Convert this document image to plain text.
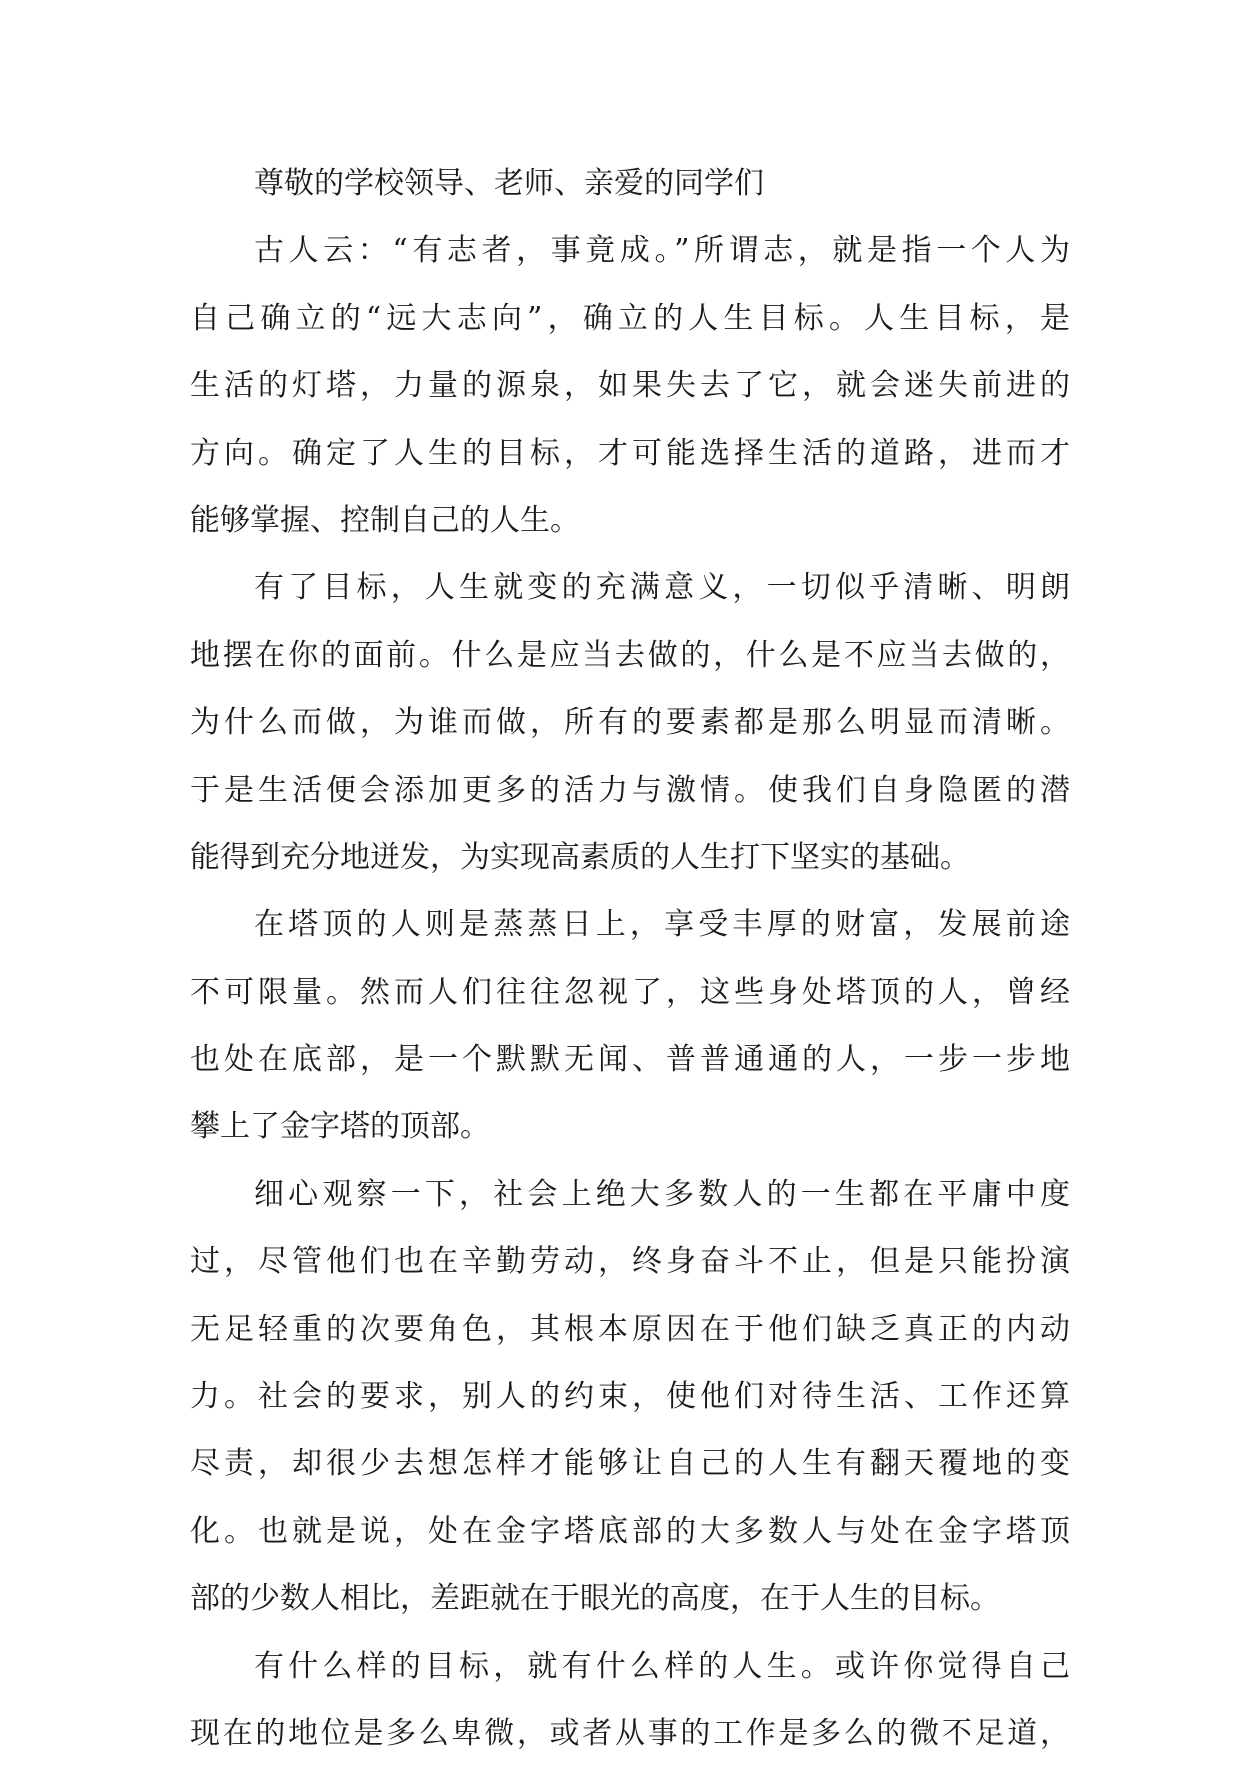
尊敬的学校领导、老师、亲爱的同学们
古人云：“有志者，事竟成。”所谓志，就是指一个人为
自己确立的“远大志向”，确立的人生目标。人生目标，是
生活的灯塔，力量的源泉，如果失去了它，就会迷失前进的
方向。确定了人生的目标，才可能选择生活的道路，进而才
能够掌握、控制自己的人生。
有了目标，人生就变的充满意义，一切似乎清晰、明朗
地摆在你的面前。什么是应当去做的，什么是不应当去做的，
为什么而做，为谁而做，所有的要素都是那么明显而清晰。
于是生活便会添加更多的活力与激情。使我们自身隐匿的潜
能得到充分地迸发，为实现高素质的人生打下坚实的基础。
在塔顶的人则是蒸蒸日上，享受丰厚的财富，发展前途
不可限量。然而人们往往忽视了，这些身处塔顶的人，曾经
也处在底部，是一个默默无闻、普普通通的人，一步一步地
攀上了金字塔的顶部。
细心观察一下，社会上绝大多数人的一生都在平庸中度
过，尽管他们也在辛勤劳动，终身奋斗不止，但是只能扮演
无足轻重的次要角色，其根本原因在于他们缺乏真正的内动
力。社会的要求，别人的约束，使他们对待生活、工作还算
尽责，却很少去想怎样才能够让自己的人生有翻天覆地的变
化。也就是说，处在金字塔底部的大多数人与处在金字塔顶
部的少数人相比，差距就在于眼光的高度，在于人生的目标。
有什么样的目标，就有什么样的人生。或许你觉得自己
现在的地位是多么卑微，或者从事的工作是多么的微不足道，
